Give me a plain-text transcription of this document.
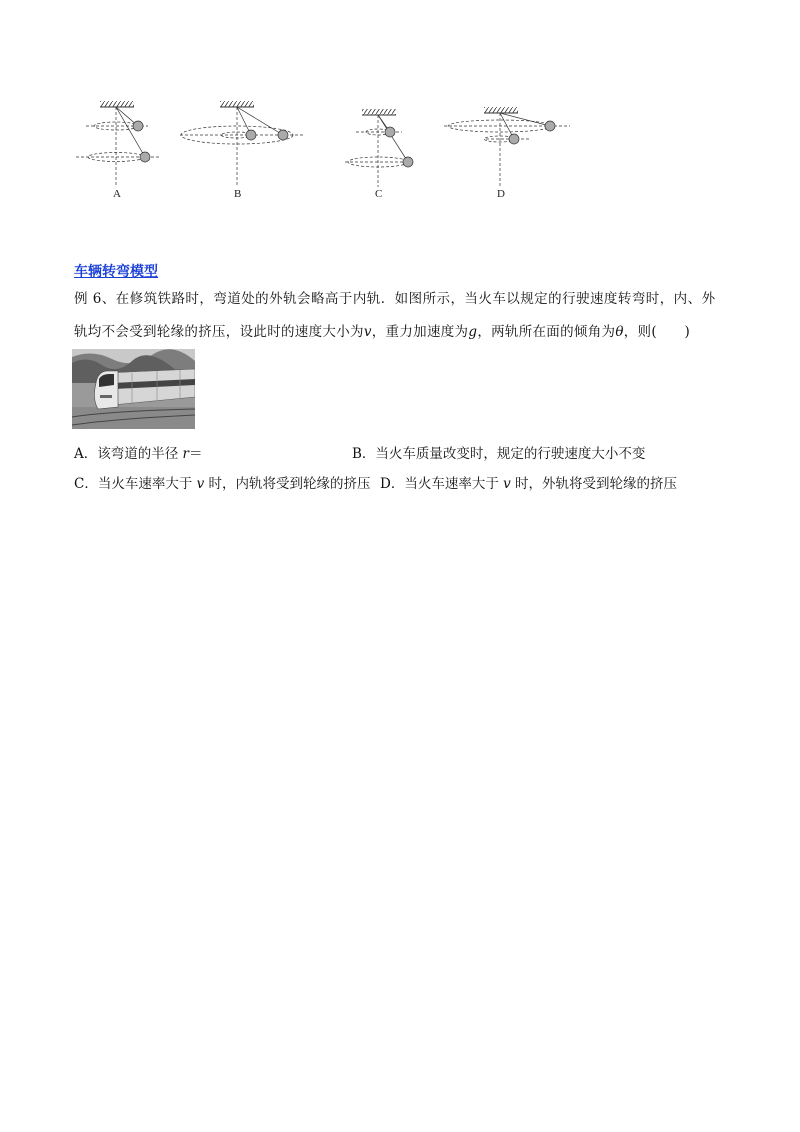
A	B	C	D
车辆转弯模型
例 6、在修筑铁路时，弯道处的外轨会略高于内轨．如图所示，当火车以规定的行驶速度转弯时，内、外
轨均不会受到轮缘的挤压，设此时的速度大小为v，重力加速度为g，两轨所在面的倾角为θ，则(　　)
A．该弯道的半径 r＝	B．当火车质量改变时，规定的行驶速度大小不变
C．当火车速率大于 v 时，内轨将受到轮缘的挤压 D．当火车速率大于 v 时，外轨将受到轮缘的挤压
